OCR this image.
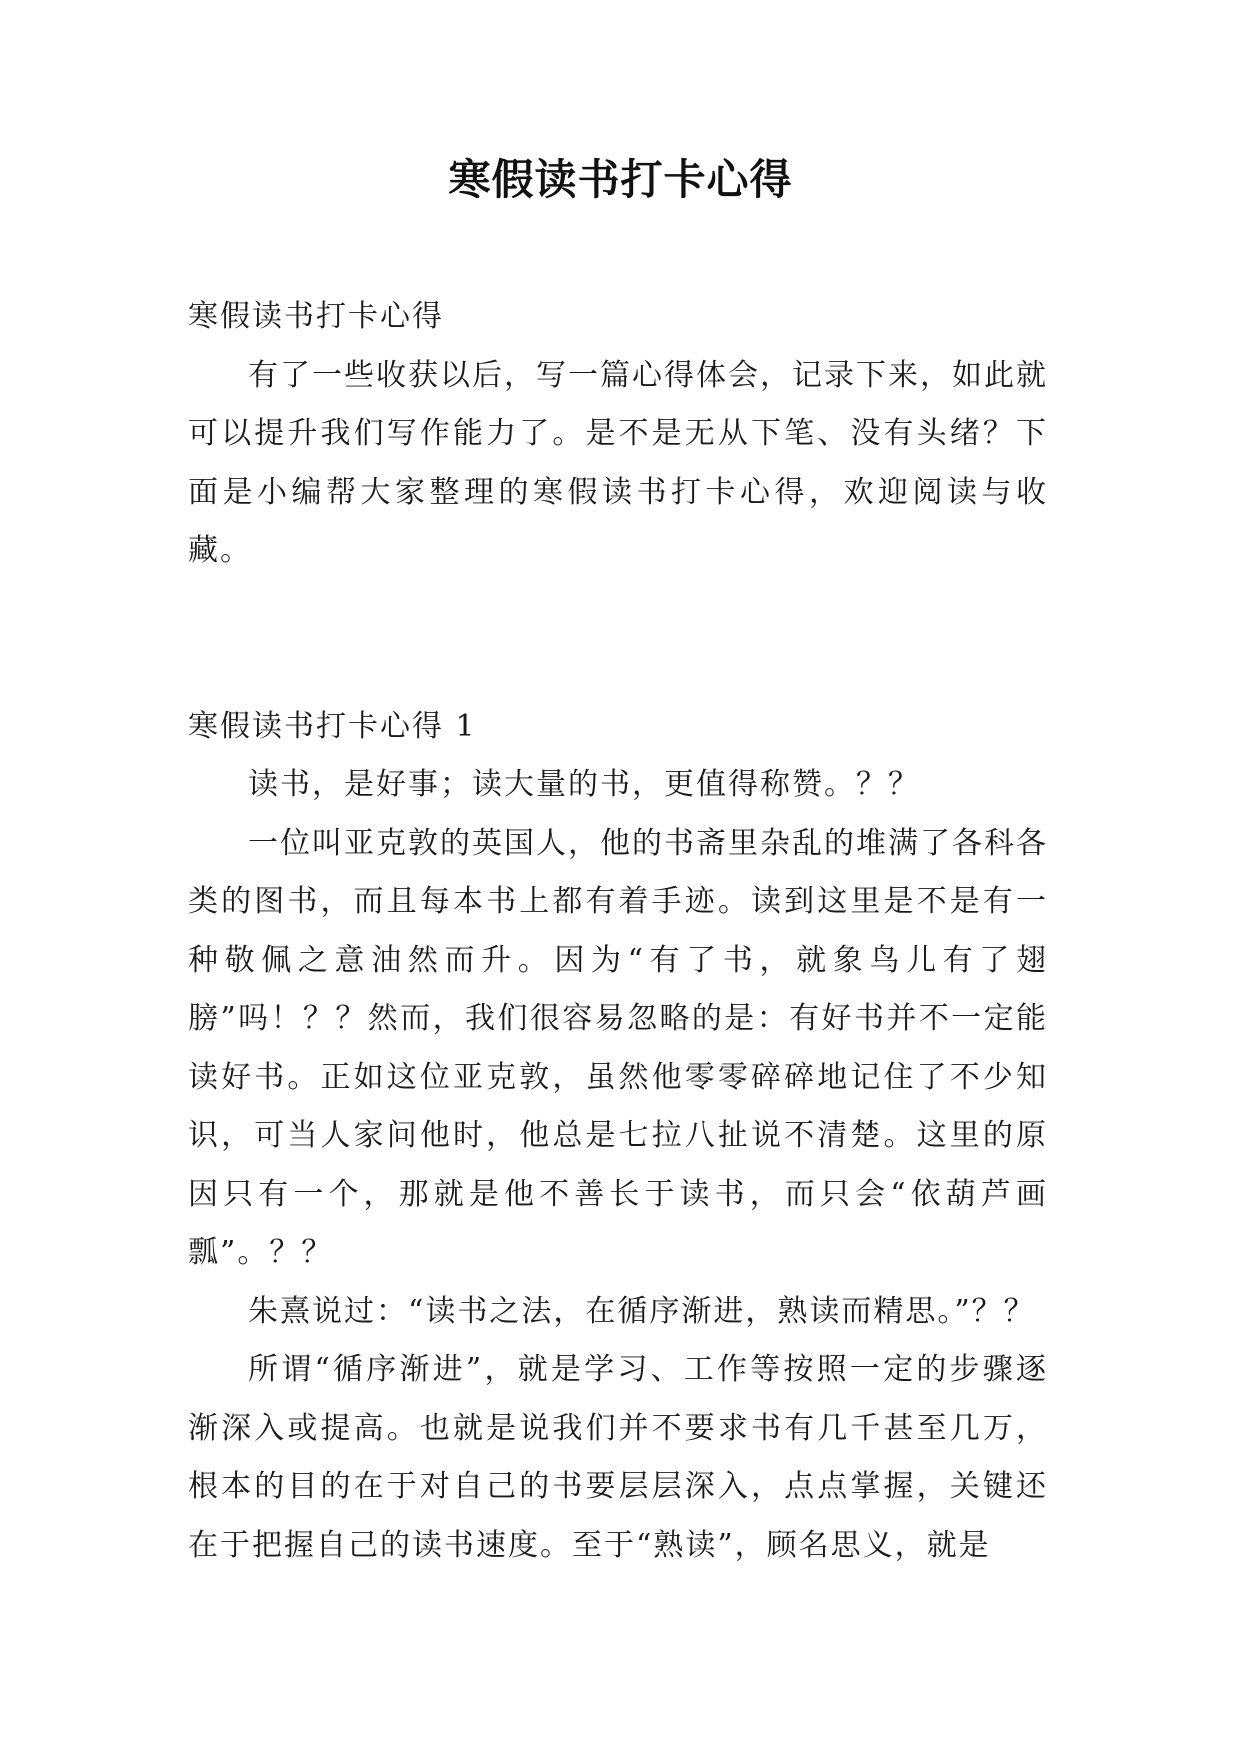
寒假读书打卡心得

寒假读书打卡心得

有了一些收获以后，写一篇心得体会，记录下来，如此就可以提升我们写作能力了。是不是无从下笔、没有头绪？下面是小编帮大家整理的寒假读书打卡心得，欢迎阅读与收藏。

寒假读书打卡心得 1

读书，是好事；读大量的书，更值得称赞。？？

一位叫亚克敦的英国人，他的书斋里杂乱的堆满了各科各类的图书，而且每本书上都有着手迹。读到这里是不是有一种敬佩之意油然而升。因为“有了书，就象鸟儿有了翅膀”吗！？？然而，我们很容易忽略的是：有好书并不一定能读好书。正如这位亚克敦，虽然他零零碎碎地记住了不少知识，可当人家问他时，他总是七拉八扯说不清楚。这里的原因只有一个，那就是他不善长于读书，而只会“依葫芦画瓢”。？？

朱熹说过：“读书之法，在循序渐进，熟读而精思。”？？

所谓“循序渐进”，就是学习、工作等按照一定的步骤逐渐深入或提高。也就是说我们并不要求书有几千甚至几万，根本的目的在于对自己的书要层层深入，点点掌握，关键还在于把握自己的读书速度。至于“熟读”，顾名思义，就是
